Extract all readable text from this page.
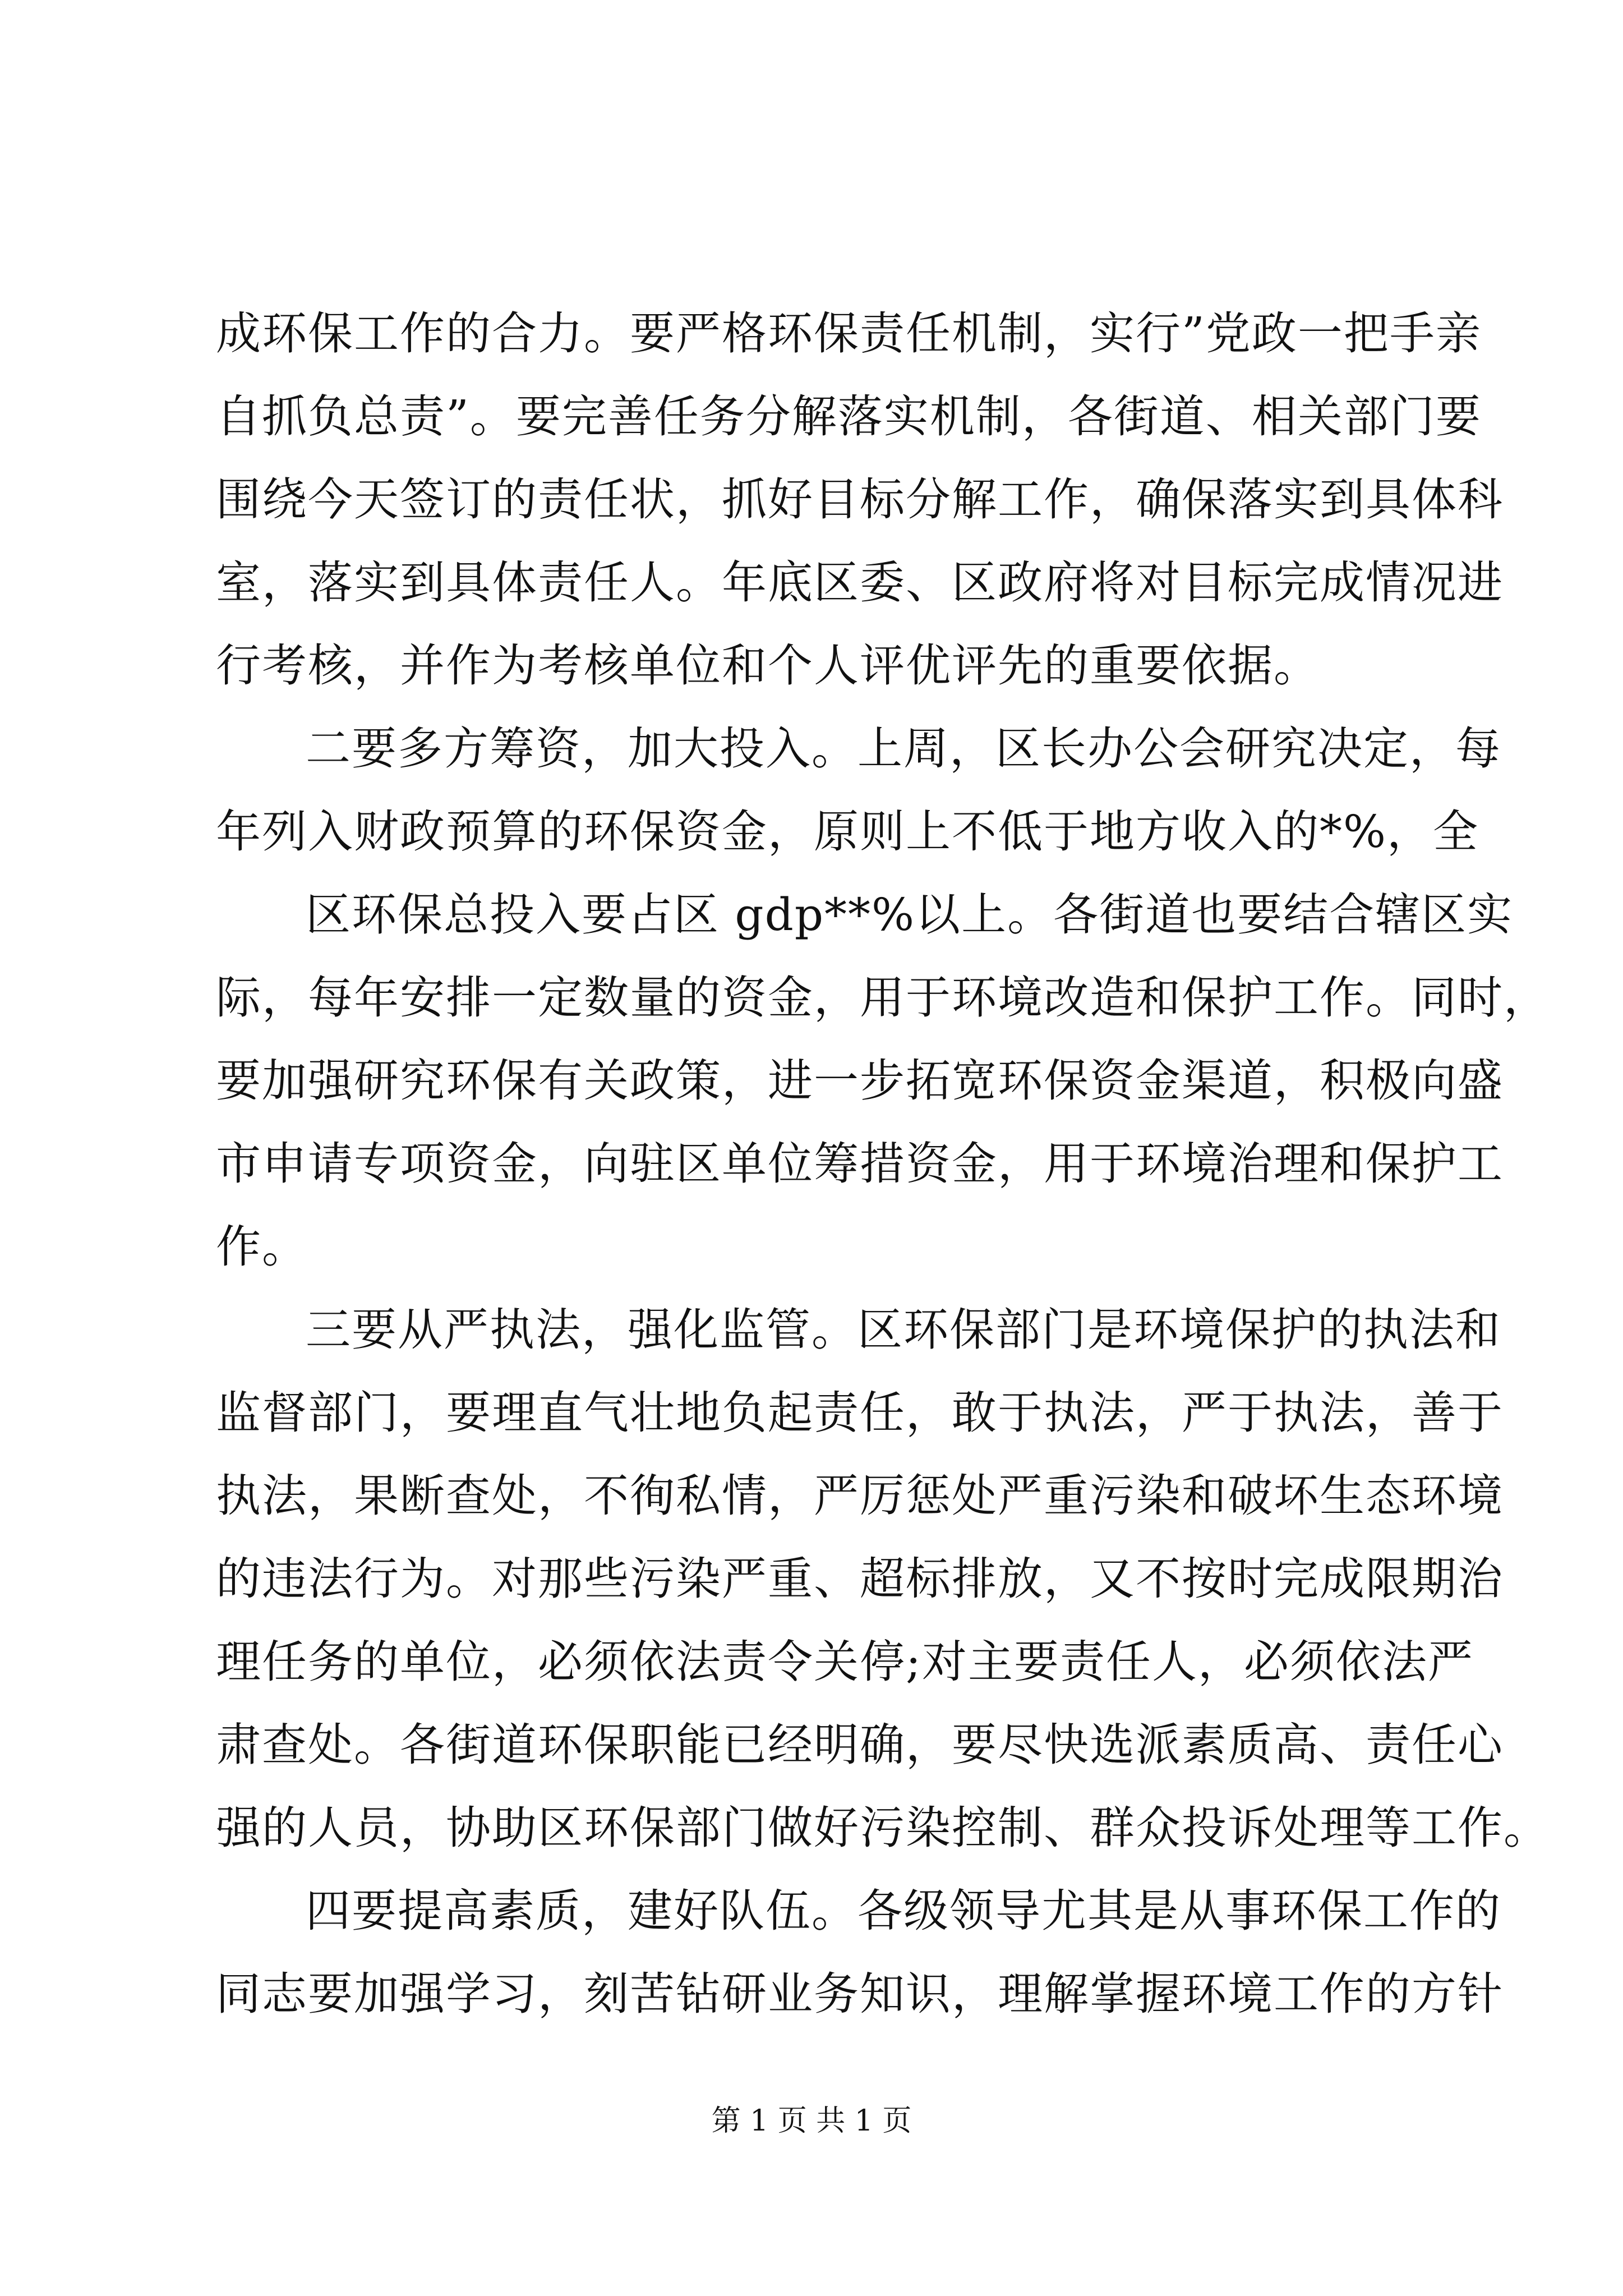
成环保工作的合力。要严格环保责任机制，实行”党政一把手亲
自抓负总责”。要完善任务分解落实机制，各街道、相关部门要
围绕今天签订的责任状，抓好目标分解工作，确保落实到具体科
室，落实到具体责任人。年底区委、区政府将对目标完成情况进
行考核，并作为考核单位和个人评优评先的重要依据。
二要多方筹资，加大投入。上周，区长办公会研究决定，每
年列入财政预算的环保资金，原则上不低于地方收入的*%，全
区环保总投入要占区 gdp**%以上。各街道也要结合辖区实
际，每年安排一定数量的资金，用于环境改造和保护工作。同时，
要加强研究环保有关政策，进一步拓宽环保资金渠道，积极向盛
市申请专项资金，向驻区单位筹措资金，用于环境治理和保护工
作。
三要从严执法，强化监管。区环保部门是环境保护的执法和
监督部门，要理直气壮地负起责任，敢于执法，严于执法，善于
执法，果断查处，不徇私情，严厉惩处严重污染和破坏生态环境
的违法行为。对那些污染严重、超标排放，又不按时完成限期治
理任务的单位，必须依法责令关停;对主要责任人，必须依法严
肃查处。各街道环保职能已经明确，要尽快选派素质高、责任心
强的人员，协助区环保部门做好污染控制、群众投诉处理等工作。
四要提高素质，建好队伍。各级领导尤其是从事环保工作的
同志要加强学习，刻苦钻研业务知识，理解掌握环境工作的方针
第 1 页 共 1 页
